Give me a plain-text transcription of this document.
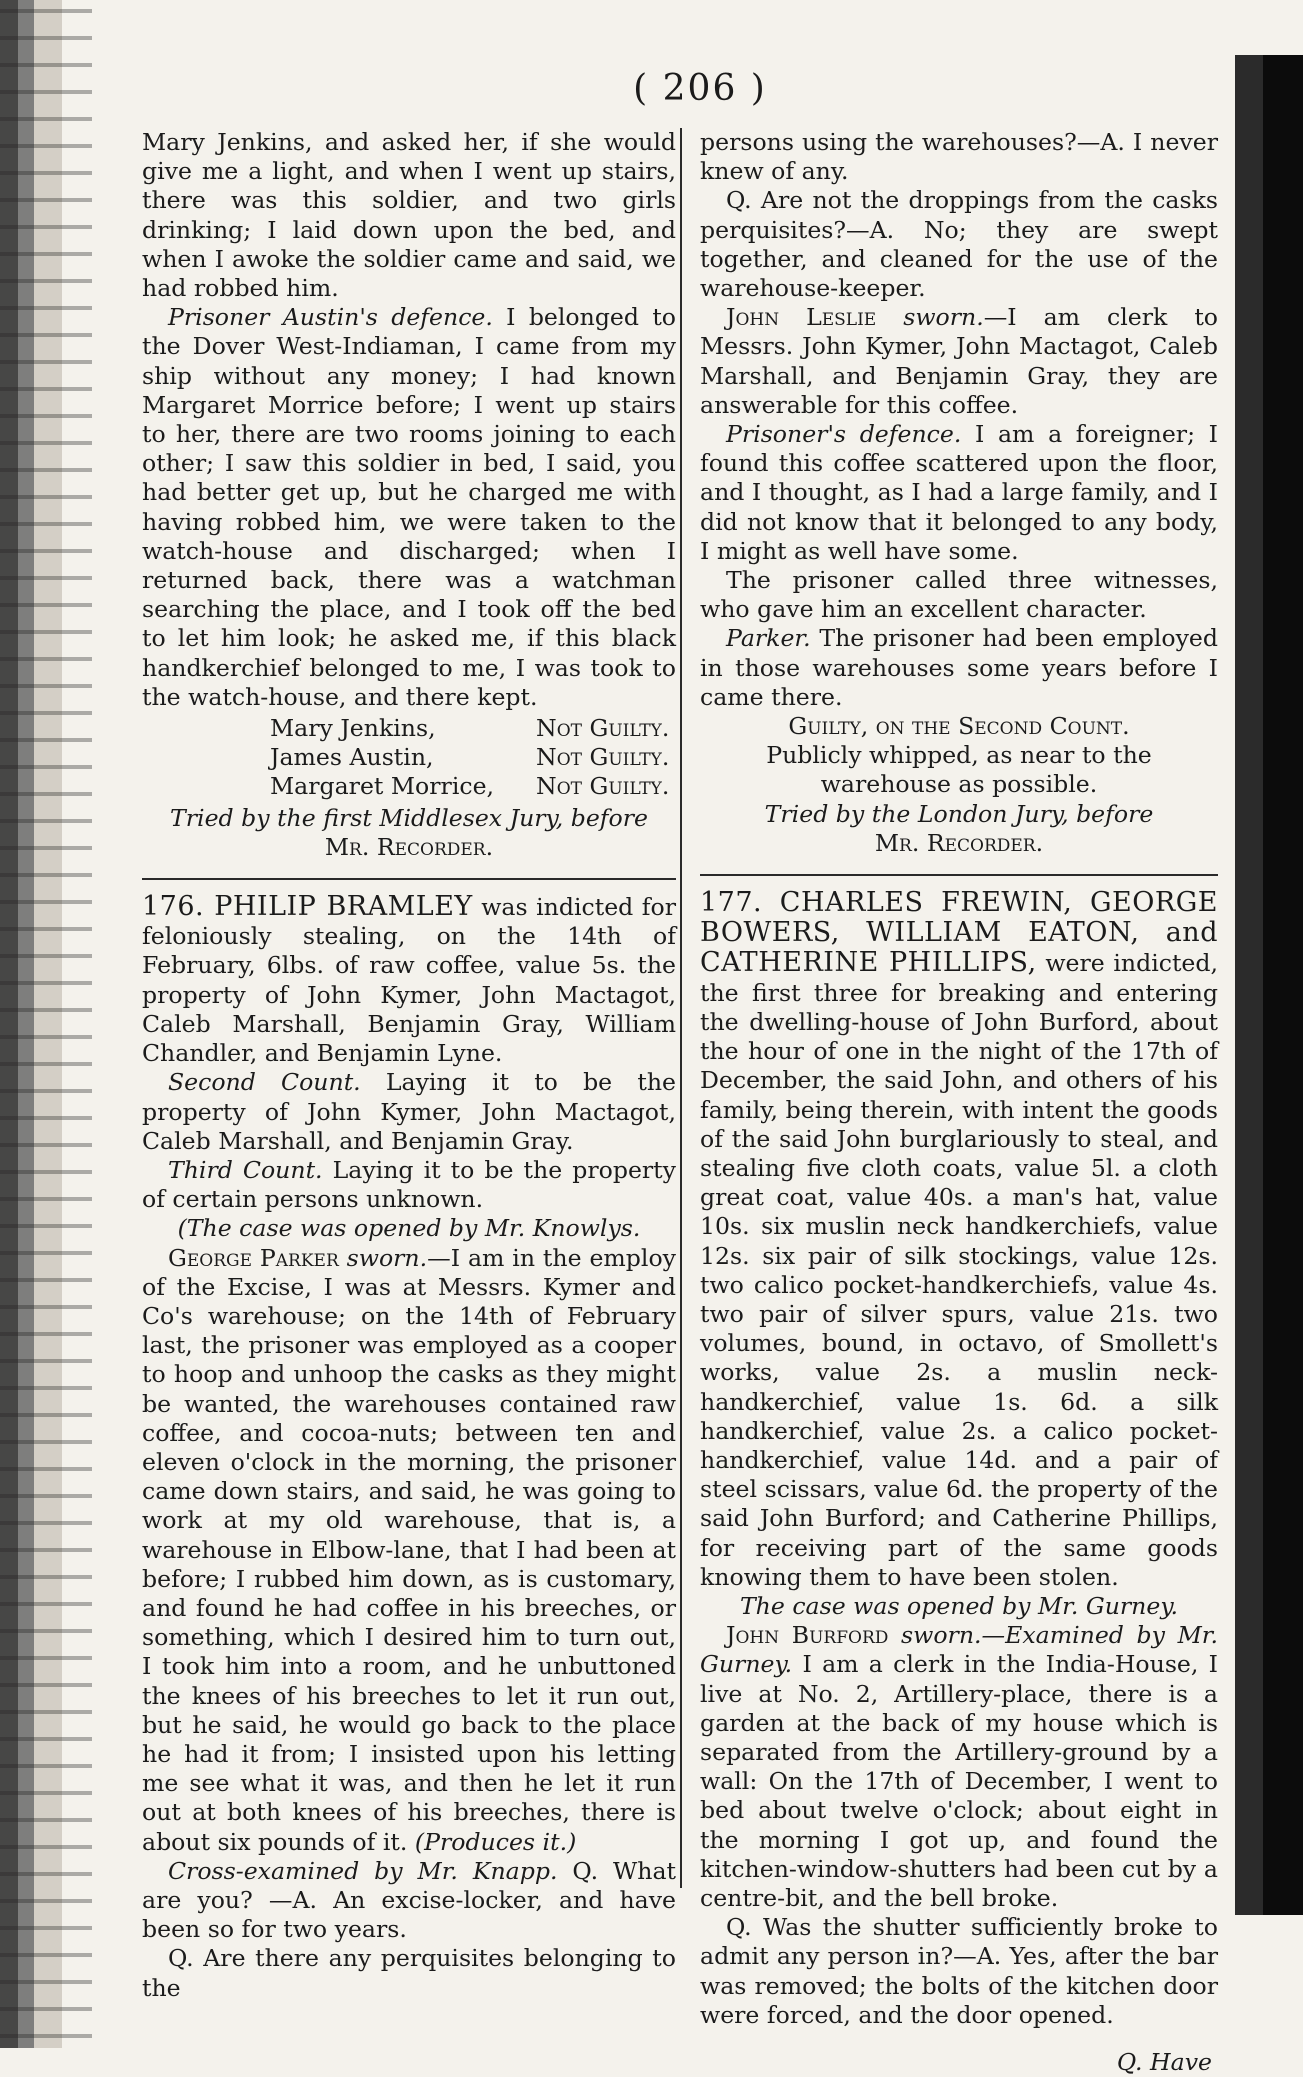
( 206 )

Mary Jenkins, and asked her, if she would give me a light, and when I went up stairs, there was this soldier, and two girls drinking; I laid down upon the bed, and when I awoke the soldier came and said, we had robbed him.

Prisoner Austin's defence. I belonged to the Dover West-Indiaman, I came from my ship without any money; I had known Margaret Morrice before; I went up stairs to her, there are two rooms joining to each other; I saw this soldier in bed, I said, you had better get up, but he charged me with having robbed him, we were taken to the watch-house and discharged; when I returned back, there was a watchman searching the place, and I took off the bed to let him look; he asked me, if this black handkerchief belonged to me, I was took to the watch-house, and there kept.

Mary Jenkins,	Not Guilty.
James Austin,	Not Guilty.
Margaret Morrice,	Not Guilty.

Tried by the first Middlesex Jury, before

Mr. Recorder.

176. PHILIP BRAMLEY was indicted for feloniously stealing, on the 14th of February, 6lbs. of raw coffee, value 5s. the property of John Kymer, John Mactagot, Caleb Marshall, Benjamin Gray, William Chandler, and Benjamin Lyne.

Second Count. Laying it to be the property of John Kymer, John Mactagot, Caleb Marshall, and Benjamin Gray.

Third Count. Laying it to be the property of certain persons unknown.

(The case was opened by Mr. Knowlys.

George Parker sworn.—I am in the employ of the Excise, I was at Messrs. Kymer and Co's warehouse; on the 14th of February last, the prisoner was employed as a cooper to hoop and unhoop the casks as they might be wanted, the warehouses contained raw coffee, and cocoa-nuts; between ten and eleven o'clock in the morning, the prisoner came down stairs, and said, he was going to work at my old warehouse, that is, a warehouse in Elbow-lane, that I had been at before; I rubbed him down, as is customary, and found he had coffee in his breeches, or something, which I desired him to turn out, I took him into a room, and he unbuttoned the knees of his breeches to let it run out, but he said, he would go back to the place he had it from; I insisted upon his letting me see what it was, and then he let it run out at both knees of his breeches, there is about six pounds of it. (Produces it.)

Cross-examined by Mr. Knapp. Q. What are you? —A. An excise-locker, and have been so for two years.

Q. Are there any perquisites belonging to the

persons using the warehouses?—A. I never knew of any.

Q. Are not the droppings from the casks perquisites?—A. No; they are swept together, and cleaned for the use of the warehouse-keeper.

John Leslie sworn.—I am clerk to Messrs. John Kymer, John Mactagot, Caleb Marshall, and Benjamin Gray, they are answerable for this coffee.

Prisoner's defence. I am a foreigner; I found this coffee scattered upon the floor, and I thought, as I had a large family, and I did not know that it belonged to any body, I might as well have some.

The prisoner called three witnesses, who gave him an excellent character.

Parker. The prisoner had been employed in those warehouses some years before I came there.

Guilty, on the Second Count.

Publicly whipped, as near to the warehouse as possible.

Tried by the London Jury, before

Mr. Recorder.

177. CHARLES FREWIN, GEORGE BOWERS, WILLIAM EATON, and CATHERINE PHILLIPS, were indicted, the first three for breaking and entering the dwelling-house of John Burford, about the hour of one in the night of the 17th of December, the said John, and others of his family, being therein, with intent the goods of the said John burglariously to steal, and stealing five cloth coats, value 5l. a cloth great coat, value 40s. a man's hat, value 10s. six muslin neck handkerchiefs, value 12s. six pair of silk stockings, value 12s. two calico pocket-handkerchiefs, value 4s. two pair of silver spurs, value 21s. two volumes, bound, in octavo, of Smollett's works, value 2s. a muslin neck-handkerchief, value 1s. 6d. a silk handkerchief, value 2s. a calico pocket-handkerchief, value 14d. and a pair of steel scissars, value 6d. the property of the said John Burford; and Catherine Phillips, for receiving part of the same goods knowing them to have been stolen.

The case was opened by Mr. Gurney.

John Burford sworn.—Examined by Mr. Gurney. I am a clerk in the India-House, I live at No. 2, Artillery-place, there is a garden at the back of my house which is separated from the Artillery-ground by a wall: On the 17th of December, I went to bed about twelve o'clock; about eight in the morning I got up, and found the kitchen-window-shutters had been cut by a centre-bit, and the bell broke.

Q. Was the shutter sufficiently broke to admit any person in?—A. Yes, after the bar was removed; the bolts of the kitchen door were forced, and the door opened.

Q. Have
